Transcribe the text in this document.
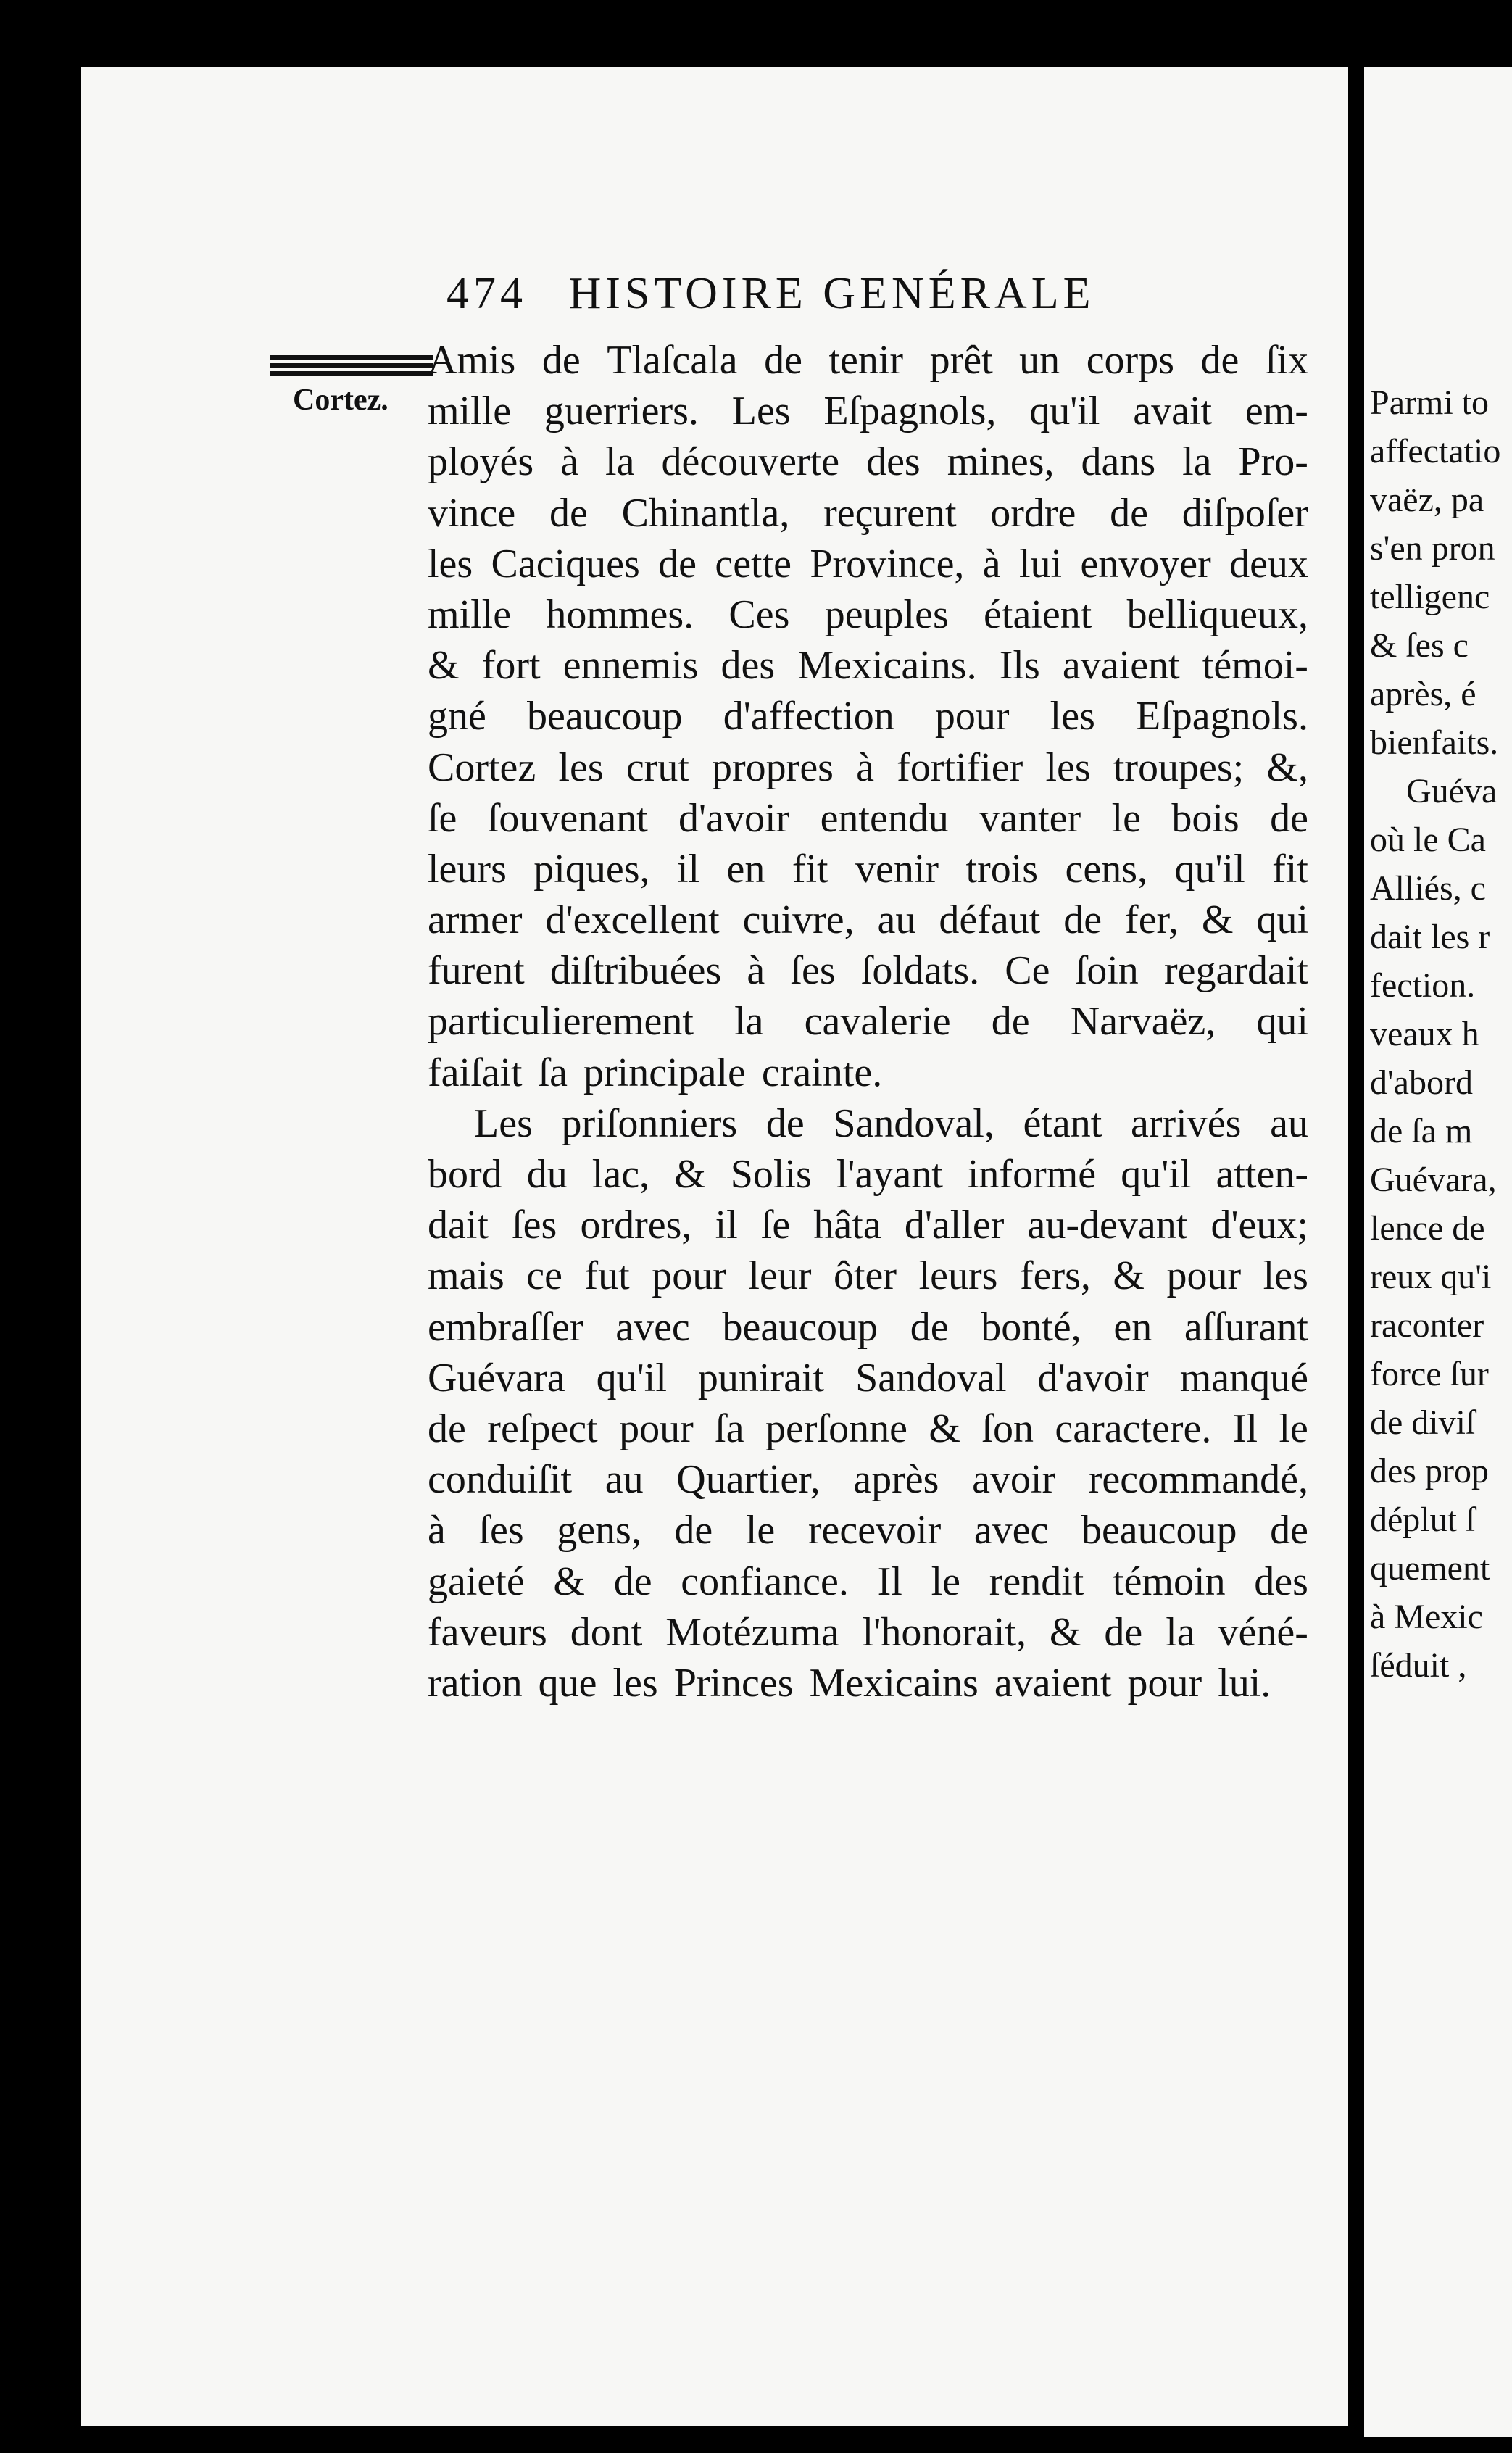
474 HISTOIRE GENÉRALE
Cortez.
Amis de Tlaſcala de tenir prêt un corps de ſix
mille guerriers. Les Eſpagnols, qu'il avait em-
ployés à la découverte des mines, dans la Pro-
vince de Chinantla, reçurent ordre de diſpoſer
les Caciques de cette Province, à lui envoyer deux
mille hommes. Ces peuples étaient belliqueux,
& fort ennemis des Mexicains. Ils avaient témoi-
gné beaucoup d'affection pour les Eſpagnols.
Cortez les crut propres à fortifier les troupes; &,
ſe ſouvenant d'avoir entendu vanter le bois de
leurs piques, il en fit venir trois cens, qu'il fit
armer d'excellent cuivre, au défaut de fer, & qui
furent diſtribuées à ſes ſoldats. Ce ſoin regardait
particulierement la cavalerie de Narvaëz, qui
faiſait ſa principale crainte.
Les priſonniers de Sandoval, étant arrivés au
bord du lac, & Solis l'ayant informé qu'il atten-
dait ſes ordres, il ſe hâta d'aller au-devant d'eux;
mais ce fut pour leur ôter leurs fers, & pour les
embraſſer avec beaucoup de bonté, en aſſurant
Guévara qu'il punirait Sandoval d'avoir manqué
de reſpect pour ſa perſonne & ſon caractere. Il le
conduiſit au Quartier, après avoir recommandé,
à ſes gens, de le recevoir avec beaucoup de
gaieté & de confiance. Il le rendit témoin des
faveurs dont Motézuma l'honorait, & de la véné-
ration que les Princes Mexicains avaient pour lui.
Parmi to
affectatio
vaëz, pa
s'en pron
telligenc
& ſes c
après, é
bienfaits.
Guéva
où le Ca
Alliés, c
dait les r
fection.
veaux h
d'abord
de ſa m
Guévara,
lence de
reux qu'i
raconter
force ſur
de diviſ
des prop
déplut ſ
quement
à Mexic
ſéduit ,
